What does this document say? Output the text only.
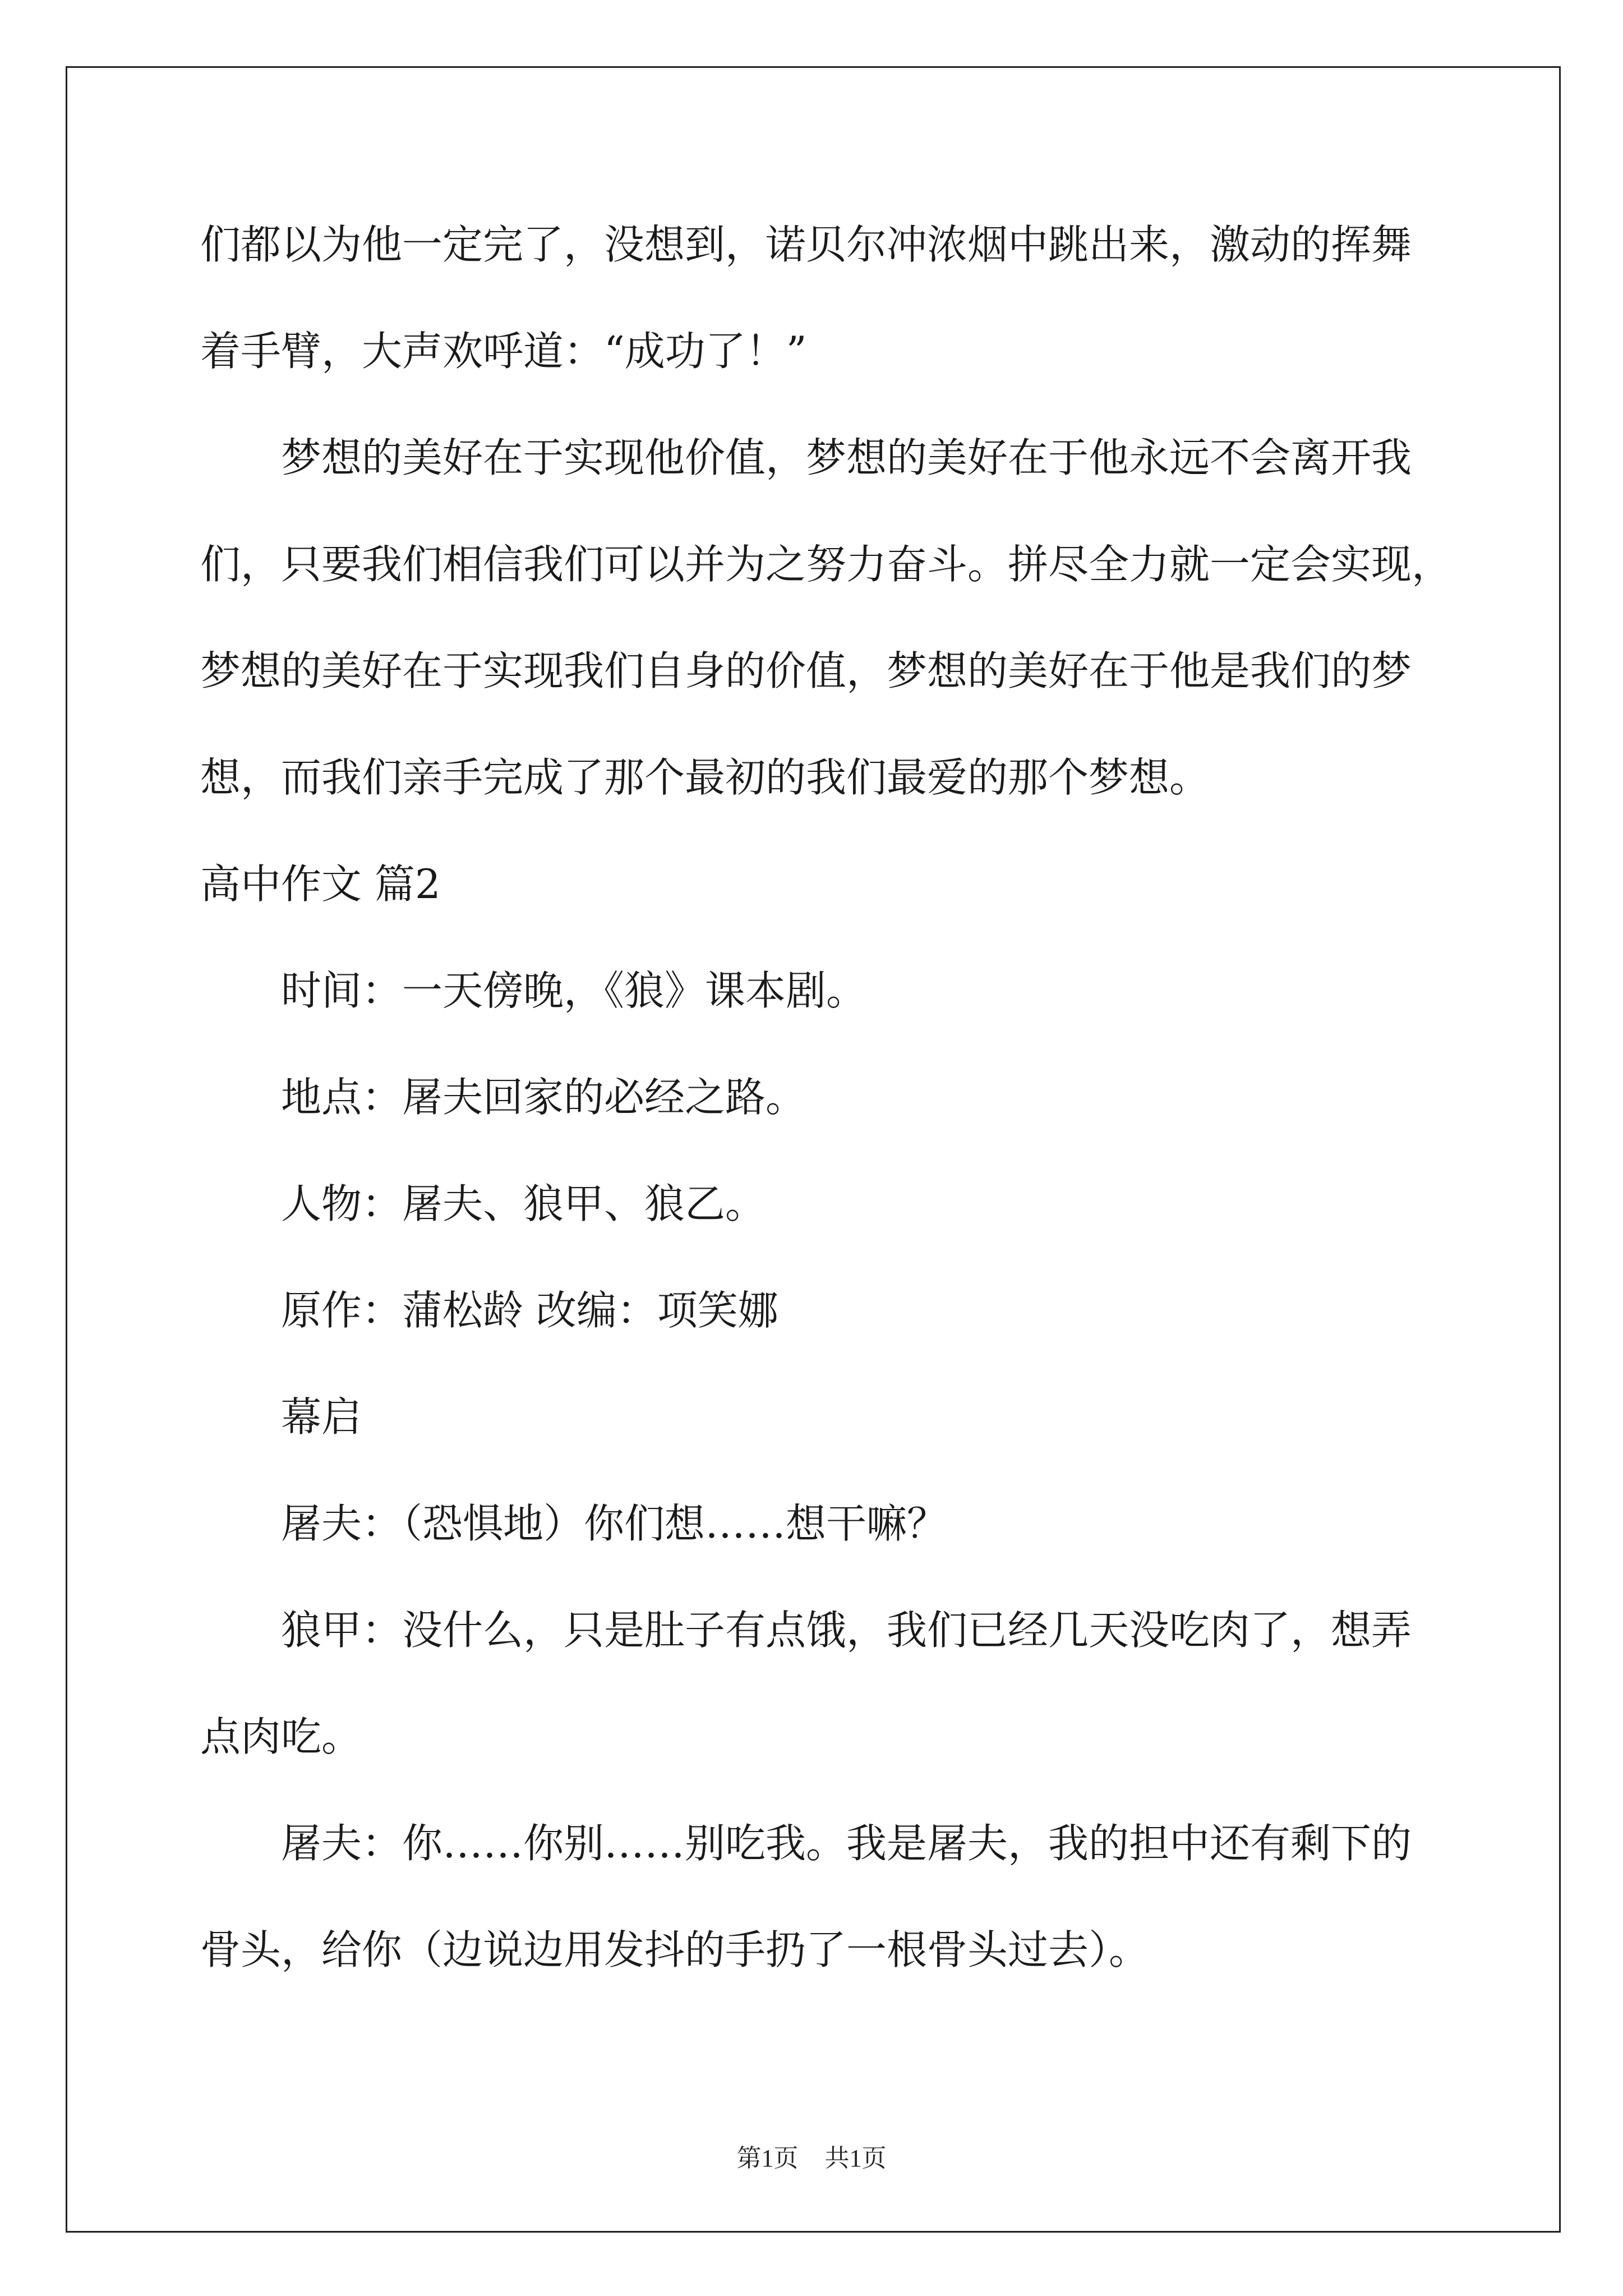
们都以为他一定完了，没想到，诺贝尔冲浓烟中跳出来，激动的挥舞
着手臂，大声欢呼道：“成功了！”
梦想的美好在于实现他价值，梦想的美好在于他永远不会离开我
们，只要我们相信我们可以并为之努力奋斗。拼尽全力就一定会实现，
梦想的美好在于实现我们自身的价值，梦想的美好在于他是我们的梦
想，而我们亲手完成了那个最初的我们最爱的那个梦想。
高中作文 篇2
时间：一天傍晚，《狼》课本剧。
地点：屠夫回家的必经之路。
人物：屠夫、狼甲、狼乙。
原作：蒲松龄 改编：项笑娜
幕启
屠夫：（恐惧地）你们想……想干嘛？
狼甲：没什么，只是肚子有点饿，我们已经几天没吃肉了，想弄
点肉吃。
屠夫：你……你别……别吃我。我是屠夫，我的担中还有剩下的
骨头，给你（边说边用发抖的手扔了一根骨头过去）。
第1页 共1页
